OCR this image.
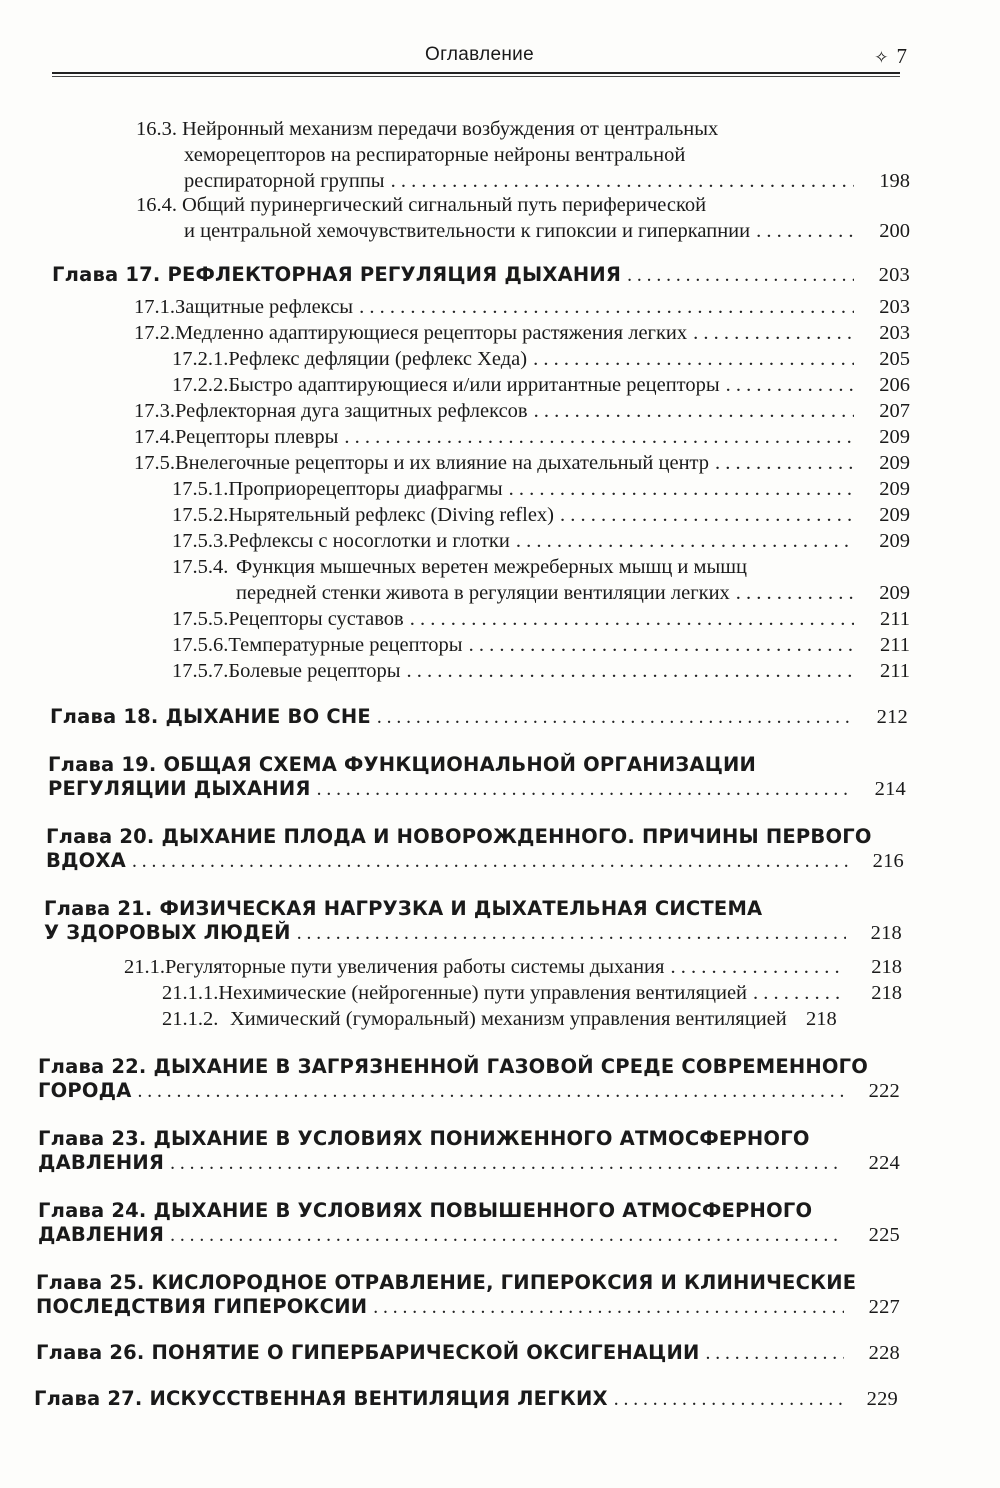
Оглавление	✧ 7
16.3. Нейронный механизм передачи возбуждения от центральных
хеморецепторов на респираторные нейроны вентральной
респираторной группы . . .	198
16.4. Общий пуринергический сигнальный путь периферической
и центральной хемочувствительности к гипоксии и гиперкапнии . . .	200
Глава 17. РЕФЛЕКТОРНАЯ РЕГУЛЯЦИЯ ДЫХАНИЯ . . .	203
17.1. Защитные рефлексы . . .	203
17.2. Медленно адаптирующиеся рецепторы растяжения легких . . .	203
17.2.1. Рефлекс дефляции (рефлекс Хеда) . . .	205
17.2.2. Быстро адаптирующиеся и/или ирритантные рецепторы . . .	206
17.3. Рефлекторная дуга защитных рефлексов . . .	207
17.4. Рецепторы плевры . . .	209
17.5. Внелегочные рецепторы и их влияние на дыхательный центр . . .	209
17.5.1. Проприорецепторы диафрагмы . . .	209
17.5.2. Нырятельный рефлекс (Diving reflex) . . .	209
17.5.3. Рефлексы с носоглотки и глотки . . .	209
17.5.4. Функция мышечных веретен межреберных мышц и мышц
передней стенки живота в регуляции вентиляции легких . . .	209
17.5.5. Рецепторы суставов . . .	211
17.5.6. Температурные рецепторы . . .	211
17.5.7. Болевые рецепторы . . .	211
Глава 18. ДЫХАНИЕ ВО СНЕ . . .	212
Глава 19. ОБЩАЯ СХЕМА ФУНКЦИОНАЛЬНОЙ ОРГАНИЗАЦИИ
РЕГУЛЯЦИИ ДЫХАНИЯ . . .	214
Глава 20. ДЫХАНИЕ ПЛОДА И НОВОРОЖДЕННОГО. ПРИЧИНЫ ПЕРВОГО
ВДОХА . . .	216
Глава 21. ФИЗИЧЕСКАЯ НАГРУЗКА И ДЫХАТЕЛЬНАЯ СИСТЕМА
У ЗДОРОВЫХ ЛЮДЕЙ . . .	218
21.1. Регуляторные пути увеличения работы системы дыхания . . .	218
21.1.1. Нехимические (нейрогенные) пути управления вентиляцией . . .	218
21.1.2. Химический (гуморальный) механизм управления вентиляцией 218
Глава 22. ДЫХАНИЕ В ЗАГРЯЗНЕННОЙ ГАЗОВОЙ СРЕДЕ СОВРЕМЕННОГО
ГОРОДА . . .	222
Глава 23. ДЫХАНИЕ В УСЛОВИЯХ ПОНИЖЕННОГО АТМОСФЕРНОГО
ДАВЛЕНИЯ . . .	224
Глава 24. ДЫХАНИЕ В УСЛОВИЯХ ПОВЫШЕННОГО АТМОСФЕРНОГО
ДАВЛЕНИЯ . . .	225
Глава 25. КИСЛОРОДНОЕ ОТРАВЛЕНИЕ, ГИПЕРОКСИЯ И КЛИНИЧЕСКИЕ
ПОСЛЕДСТВИЯ ГИПЕРОКСИИ . . .	227
Глава 26. ПОНЯТИЕ О ГИПЕРБАРИЧЕСКОЙ ОКСИГЕНАЦИИ . . .	228
Глава 27. ИСКУССТВЕННАЯ ВЕНТИЛЯЦИЯ ЛЕГКИХ . . .	229
